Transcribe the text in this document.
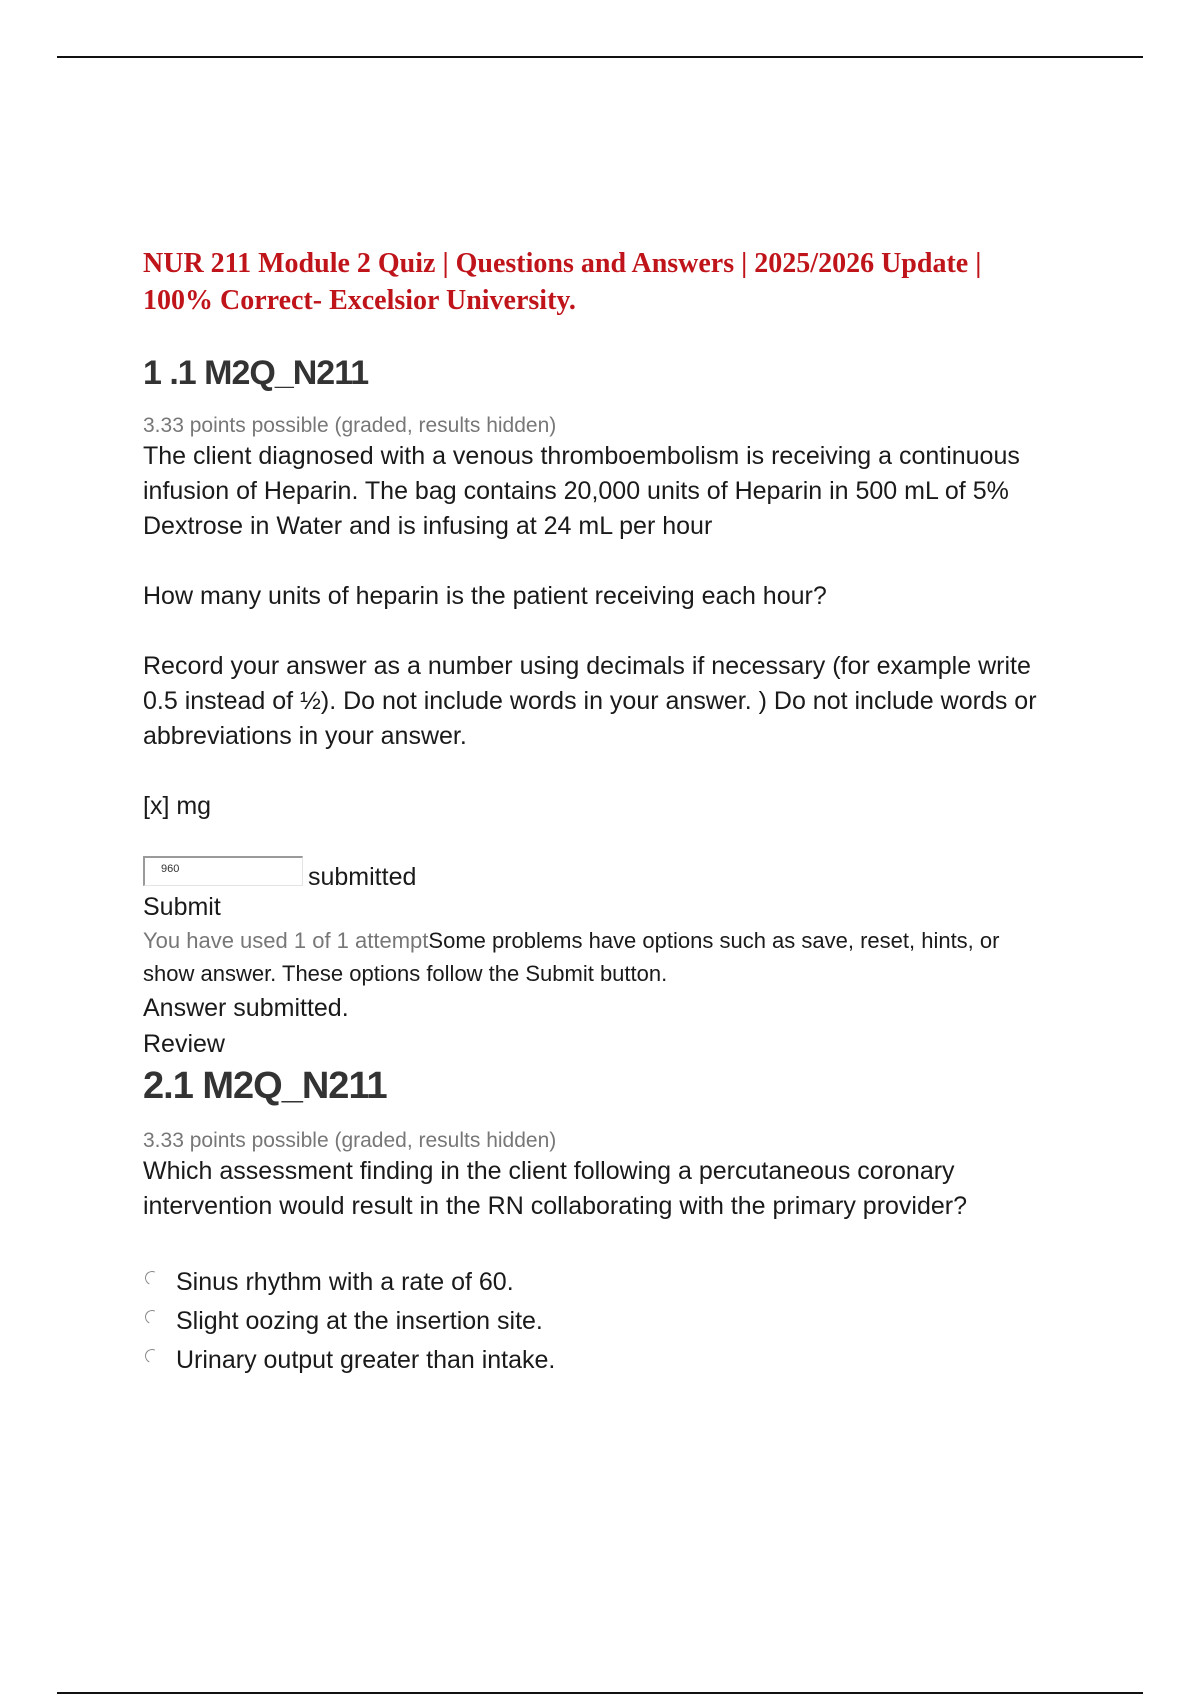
NUR 211 Module 2 Quiz | Questions and Answers | 2025/2026 Update | 100% Correct- Excelsior University.
1 .1 M2Q_N211
3.33 points possible (graded, results hidden)

The client diagnosed with a venous thromboembolism is receiving a continuous infusion of Heparin. The bag contains 20,000 units of Heparin in 500 mL of 5% Dextrose in Water and is infusing at 24 mL per hour

How many units of heparin is the patient receiving each hour?

Record your answer as a number using decimals if necessary (for example write 0.5 instead of ½). Do not include words in your answer. ) Do not include words or abbreviations in your answer.

[x] mg

960	submitted
Submit
You have used 1 of 1 attemptSome problems have options such as save, reset, hints, or show answer. These options follow the Submit button.
Answer submitted.
Review
2.1 M2Q_N211
3.33 points possible (graded, results hidden)

Which assessment finding in the client following a percutaneous coronary intervention would result in the RN collaborating with the primary provider?

Sinus rhythm with a rate of 60.
Slight oozing at the insertion site.
Urinary output greater than intake.
